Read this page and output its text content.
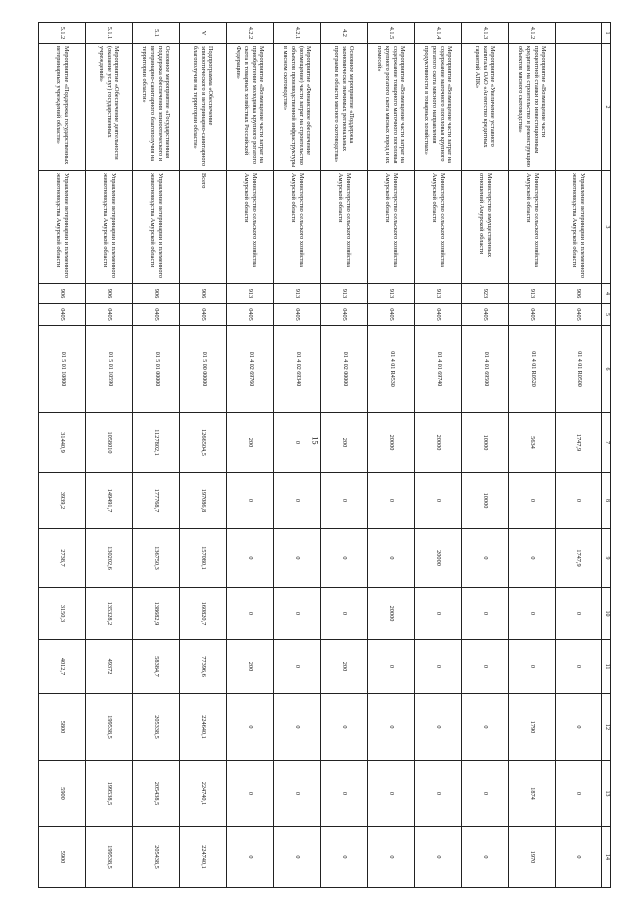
15
1	2	3	4	5	6	7	8	9	10	11	12	13	14
		Управление ветеринарии и племенного животноводства Амурской области	906	0405	01 4 01 R0500	1747,9	0	1747,9	0	0	0	0	0
4.1.2	Мероприятие «Возмещение части процентной ставки по инвестиционным кредитам на строительство и реконструкцию объектов мясного скотоводства»	Министерство сельского хозяйства Амурской области	913	0405	01 4 01 R0520	5634	0	0	0	0	1790	1874	1970
4.1.3	Мероприятие «Увеличение уставного капитала ОАО «Агентство кредитных гарантий АПК»	Министерство имущественных отношений Амурской области	923	0405	01 4 01 69500	10000	10000	0	0	0	0	0	0
4.1.4	Мероприятие «Возмещение части затрат на содержание маточного поголовья крупного рогатого скота мясного направления продуктивности в товарных хозяйствах»	Министерство сельского хозяйства Амурской области	913	0405	01 4 01 69740	20000	0	20000	0	0	0	0	0
4.1.5	Мероприятие «Возмещение части затрат на содержание товарного маточного поголовья крупного рогатого скота мясных пород и их помесей»	Министерство сельского хозяйства Амурской области	913	0405	01 4 01 R4530	20000	0	0	20000	0	0	0	0
4.2	Основное мероприятие «Поддержка экономически значимых региональных программ в области мясного скотоводства»	Министерство сельского хозяйства Амурской области	913	0405	01 4 02 00000	200	0	0	0	200	0	0	0
4.2.1	Мероприятие «Финансовое обеспечение (возмещение) части затрат на строительство объектов производственной инфраструктуры в мясном скотоводстве»	Министерство сельского хозяйства Амурской области	913	0405	01 4 02 69340	0	0	0	0	0	0	0	0
4.2.2	Мероприятие «Возмещение части затрат на приобретение молодняка крупного рогатого скота в товарных хозяйствах Российской Федерации»	Министерство сельского хозяйства Амурской области	913	0405	01 4 02 69760	200	0	0	0	200	0	0	0
V	Подпрограмма «Обеспечение эпизоотического и ветеринарно-санитарного благополучия на территории области»	Всего	906	0405	01 5 00 00000	1266504,5	197086,8	157080,1	160820,7	77396,6	224640,1	224740,1	224740,1
5.1	Основное мероприятие «Государственная поддержка обеспечения эпизоотического и ветеринарно-санитарного благополучия на территории области»	Управление ветеринарии и племенного животноводства Амурской области	906	0405	01 5 01 00000	1127802,1	177768,7	136750,3	138682,9	58384,7	205338,5	205438,5	205438,5
5.1.1	Мероприятие «Обеспечение деятельности (оказание услуг) государственных учреждений»	Управление ветеринарии и племенного животноводства Амурской области	906	0405	01 5 01 10590	1058010	149491,7	130202,6	135328,2	49372	199538,5	199538,5	199538,5
5.1.2	Мероприятие «Поддержка государственных ветеринарных учреждений области»	Управление ветеринарии и племенного животноводства Амурской области	906	0405	01 5 01 10800	31440,9	3939,2	2738,7	3150,3	4012,7	5800	5900	5900
